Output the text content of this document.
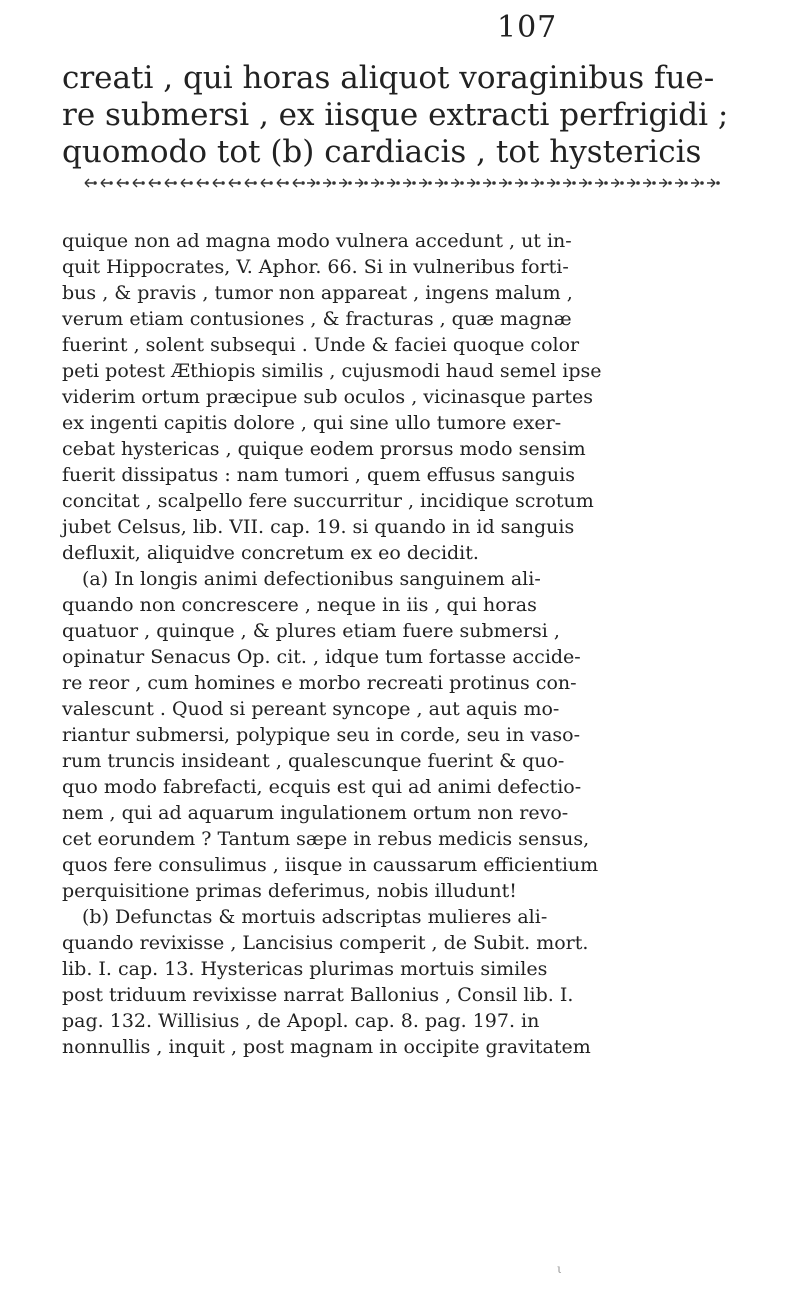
107
creati , qui horas aliquot voraginibus fue-
re submersi , ex iisque extracti perfrigidi ;
quomodo tot (b) cardiacis , tot hystericis
quique non ad magna modo vulnera accedunt , ut in-
quit Hippocrates, V. Aphor. 66. Si in vulneribus forti-
bus , & pravis , tumor non appareat , ingens malum ,
verum etiam contusiones , & fracturas , quæ magnæ
fuerint , solent subsequi . Unde & faciei quoque color
peti potest Æthiopis similis , cujusmodi haud semel ipse
viderim ortum præcipue sub oculos , vicinasque partes
ex ingenti capitis dolore , qui sine ullo tumore exer-
cebat hystericas , quique eodem prorsus modo sensim
fuerit dissipatus : nam tumori , quem effusus sanguis
concitat , scalpello fere succurritur , incidique scrotum
jubet Celsus, lib. VII. cap. 19. si quando in id sanguis
defluxit, aliquidve concretum ex eo decidit.
(a) In longis animi defectionibus sanguinem ali-
quando non concrescere , neque in iis , qui horas
quatuor , quinque , & plures etiam fuere submersi ,
opinatur Senacus Op. cit. , idque tum fortasse accide-
re reor , cum homines e morbo recreati protinus con-
valescunt . Quod si pereant syncope , aut aquis mo-
riantur submersi, polypique seu in corde, seu in vaso-
rum truncis insideant , qualescunque fuerint & quo-
quo modo fabrefacti, ecquis est qui ad animi defectio-
nem , qui ad aquarum ingulationem ortum non revo-
cet eorundem ? Tantum sæpe in rebus medicis sensus,
quos fere consulimus , iisque in caussarum efficientium
perquisitione primas deferimus, nobis illudunt!
(b) Defunctas & mortuis adscriptas mulieres ali-
quando revixisse , Lancisius comperit , de Subit. mort.
lib. I. cap. 13. Hystericas plurimas mortuis similes
post triduum revixisse narrat Ballonius , Consil lib. I.
pag. 132. Willisius , de Apopl. cap. 8. pag. 197. in
nonnullis , inquit , post magnam in occipite gravitatem
ι
